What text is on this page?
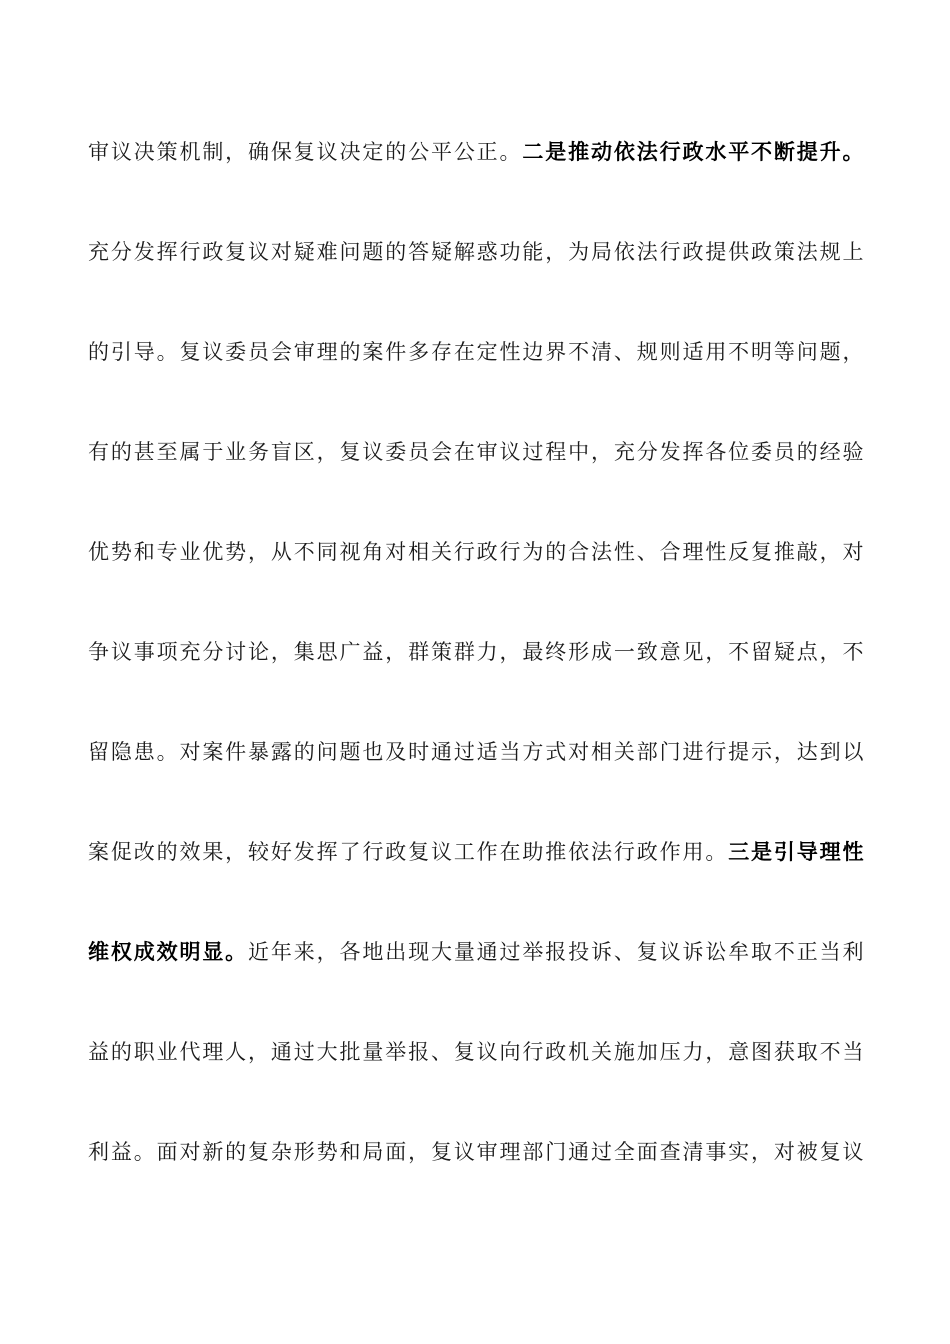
审议决策机制，确保复议决定的公平公正。二是推动依法行政水平不断提升。
充分发挥行政复议对疑难问题的答疑解惑功能，为局依法行政提供政策法规上
的引导。复议委员会审理的案件多存在定性边界不清、规则适用不明等问题，
有的甚至属于业务盲区，复议委员会在审议过程中，充分发挥各位委员的经验
优势和专业优势，从不同视角对相关行政行为的合法性、合理性反复推敲，对
争议事项充分讨论，集思广益，群策群力，最终形成一致意见，不留疑点，不
留隐患。对案件暴露的问题也及时通过适当方式对相关部门进行提示，达到以
案促改的效果，较好发挥了行政复议工作在助推依法行政作用。三是引导理性
维权成效明显。近年来，各地出现大量通过举报投诉、复议诉讼牟取不正当利
益的职业代理人，通过大批量举报、复议向行政机关施加压力，意图获取不当
利益。面对新的复杂形势和局面，复议审理部门通过全面查清事实，对被复议
